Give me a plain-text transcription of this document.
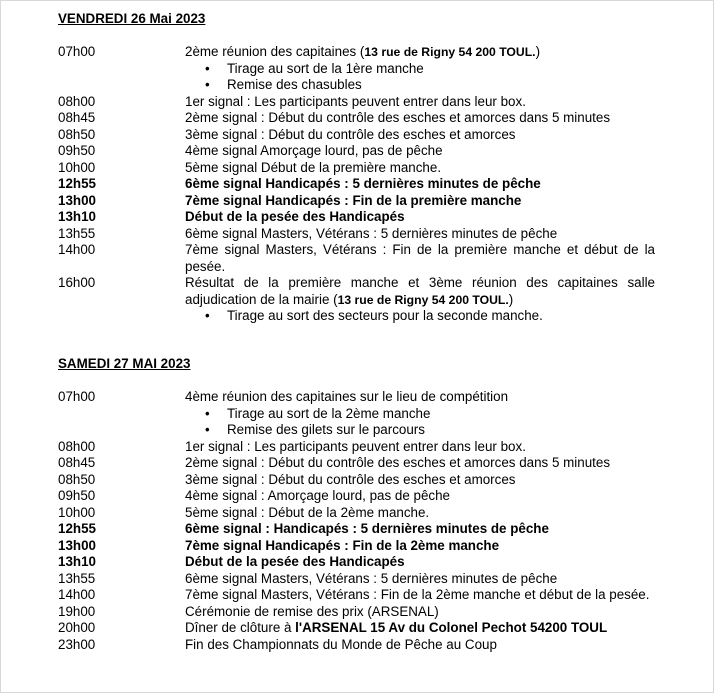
VENDREDI 26 Mai 2023
07h00	2ème réunion des capitaines (13 rue de Rigny 54 200 TOUL.)
•	Tirage au sort de la 1ère manche
•	Remise des chasubles
08h00	1er signal : Les participants peuvent entrer dans leur box.
08h45	2ème signal : Début du contrôle des esches et amorces dans 5 minutes
08h50	3ème signal : Début du contrôle des esches et amorces
09h50	4ème signal Amorçage lourd, pas de pêche
10h00	5ème signal Début de la première manche.
12h55	6ème signal Handicapés : 5 dernières minutes de pêche
13h00	7ème signal Handicapés : Fin de la première manche
13h10	Début de la pesée des Handicapés
13h55	6ème signal Masters, Vétérans : 5 dernières minutes de pêche
14h00	7ème signal Masters, Vétérans : Fin de la première manche et début de la pesée.
16h00	Résultat de la première manche et 3ème réunion des capitaines salle adjudication de la mairie (13 rue de Rigny 54 200 TOUL.)
•	Tirage au sort des secteurs pour la seconde manche.
SAMEDI 27 MAI 2023
07h00	4ème réunion des capitaines sur le lieu de compétition
•	Tirage au sort de la 2ème manche
•	Remise des gilets sur le parcours
08h00	1er signal : Les participants peuvent entrer dans leur box.
08h45	2ème signal : Début du contrôle des esches et amorces dans 5 minutes
08h50	3ème signal : Début du contrôle des esches et amorces
09h50	4ème signal : Amorçage lourd, pas de pêche
10h00	5ème signal : Début de la 2ème manche.
12h55	6ème signal : Handicapés : 5 dernières minutes de pêche
13h00	7ème signal Handicapés : Fin de la 2ème manche
13h10	Début de la pesée des Handicapés
13h55	6ème signal Masters, Vétérans : 5 dernières minutes de pêche
14h00	7ème signal Masters, Vétérans : Fin de la 2ème manche et début de la pesée.
19h00	Cérémonie de remise des prix (ARSENAL)
20h00	Dîner de clôture à l'ARSENAL 15 Av du Colonel Pechot 54200 TOUL
23h00	Fin des Championnats du Monde de Pêche au Coup
